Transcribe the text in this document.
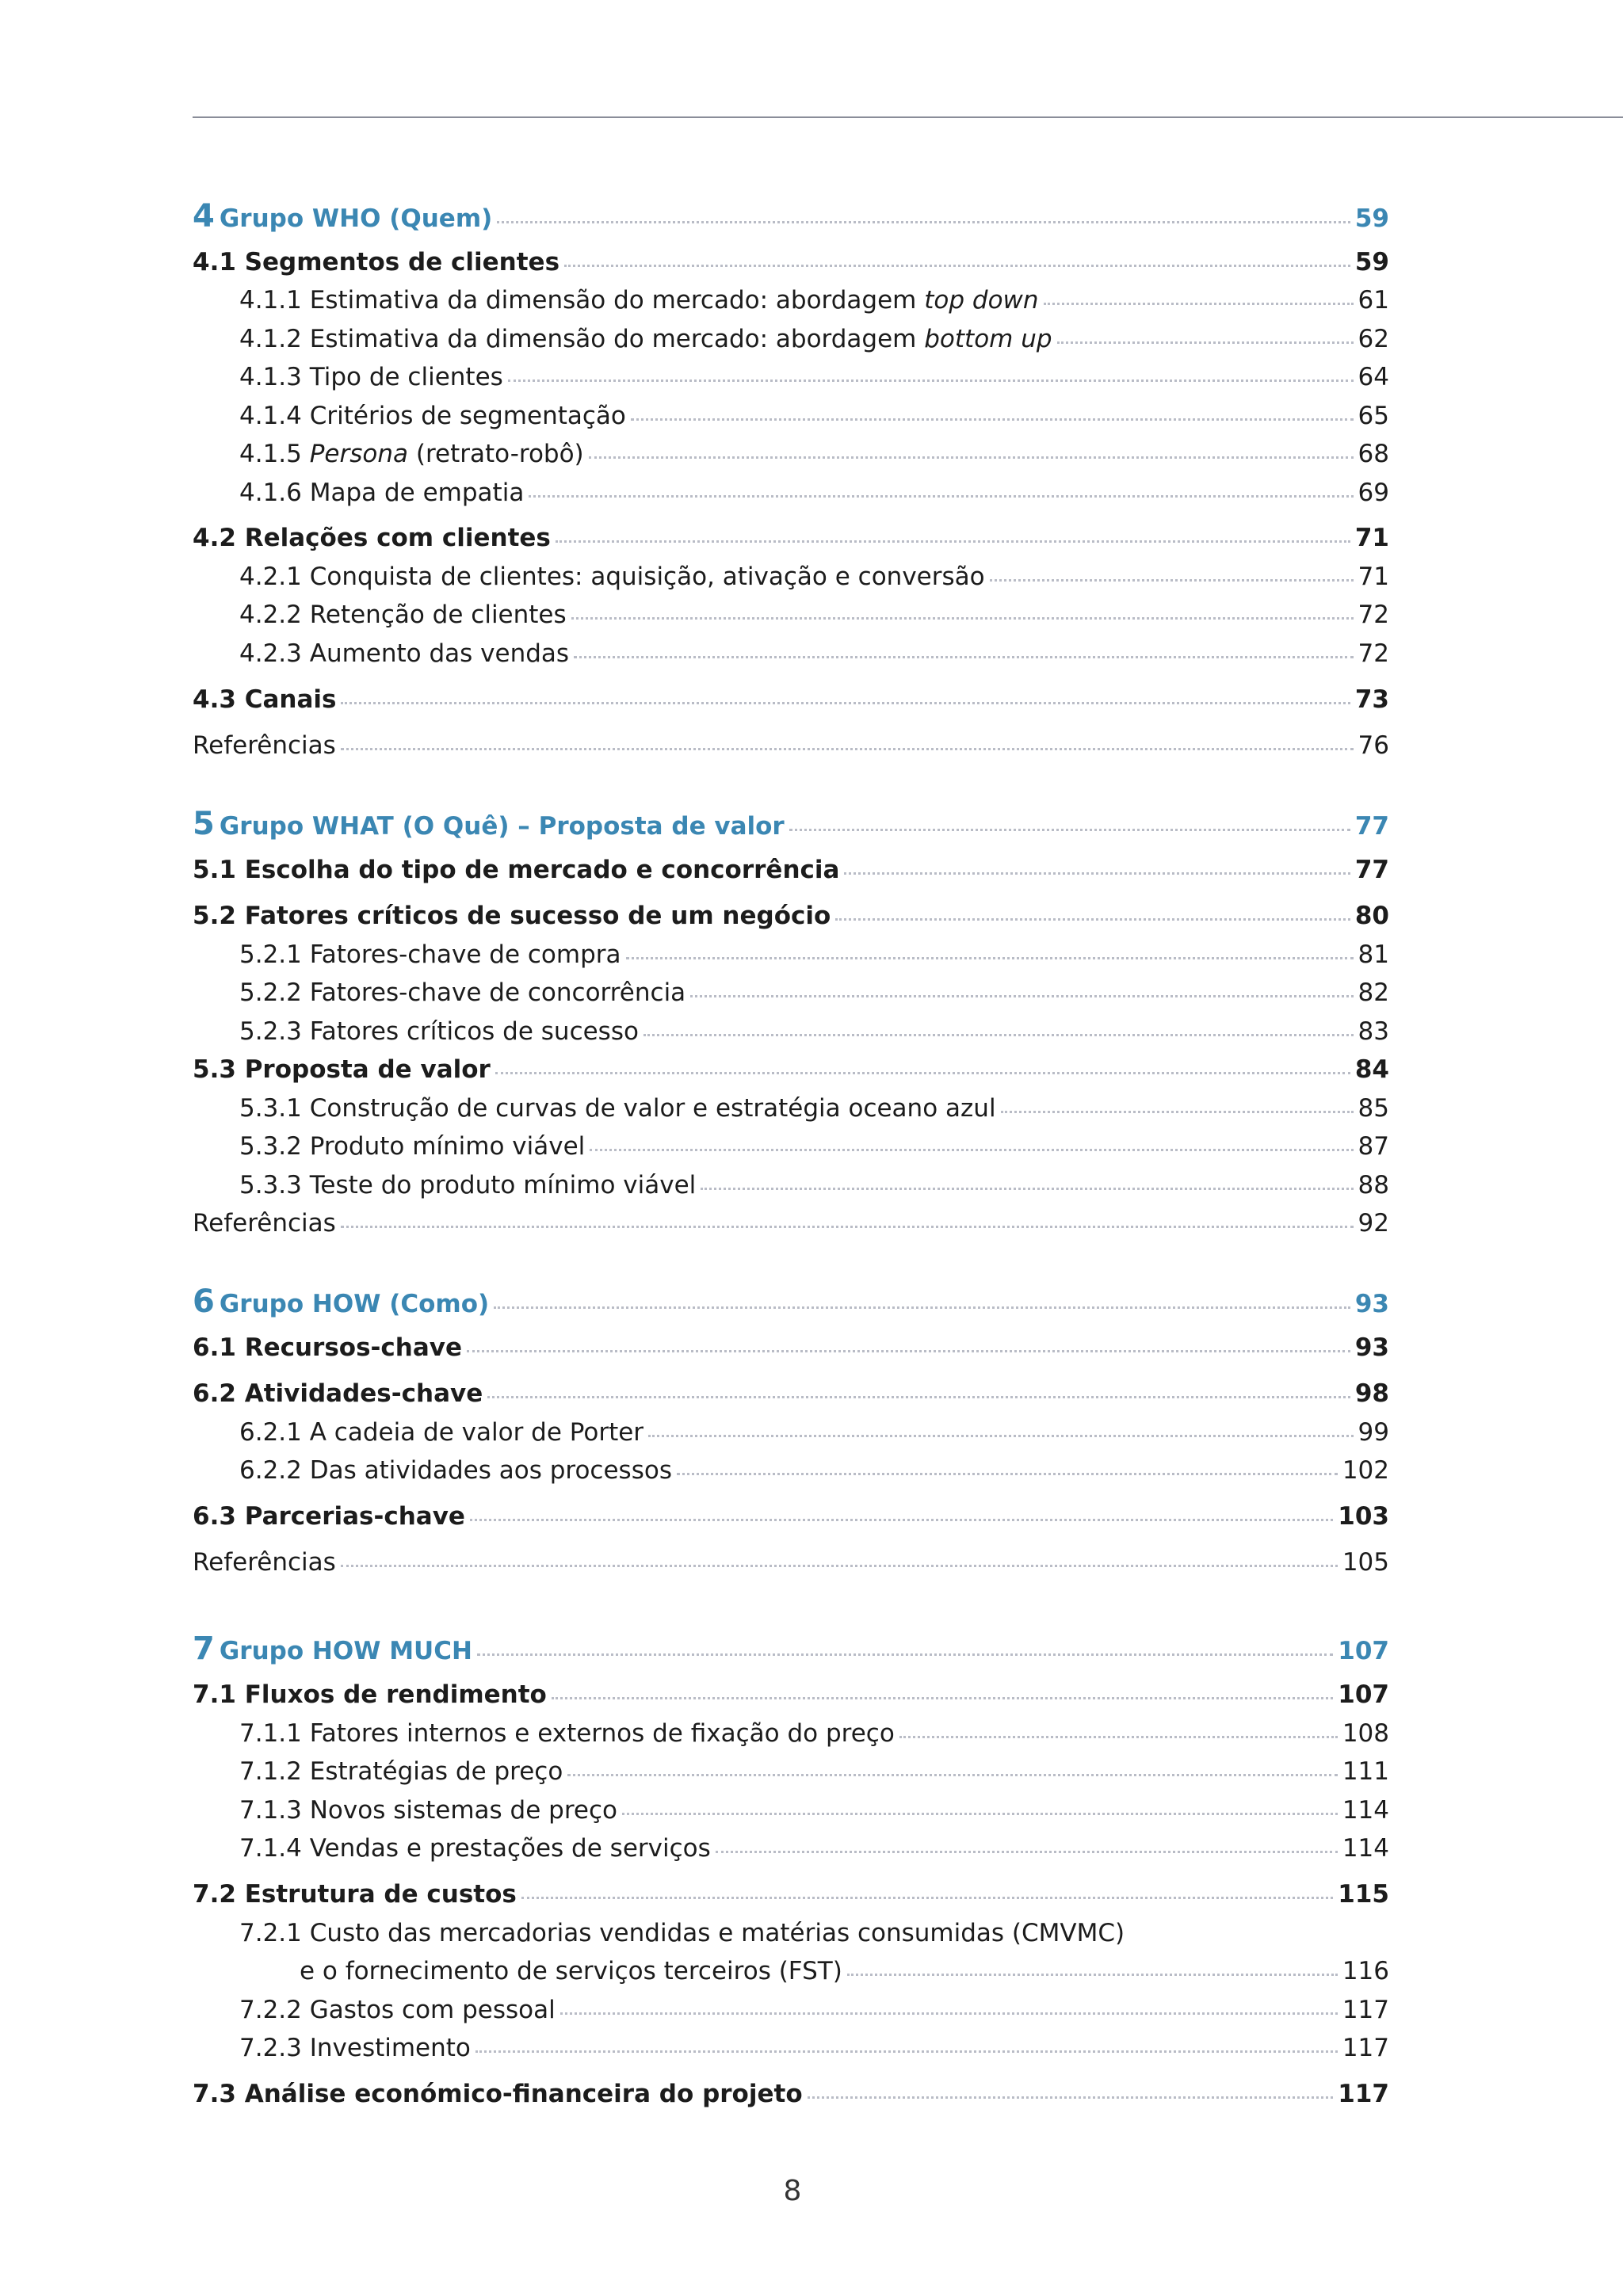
4 Grupo WHO (Quem)	59
4.1 Segmentos de clientes	59
4.1.1 Estimativa da dimensão do mercado: abordagem top down	61
4.1.2 Estimativa da dimensão do mercado: abordagem bottom up	62
4.1.3 Tipo de clientes	64
4.1.4 Critérios de segmentação	65
4.1.5 Persona (retrato-robô)	68
4.1.6 Mapa de empatia	69
4.2 Relações com clientes	71
4.2.1 Conquista de clientes: aquisição, ativação e conversão	71
4.2.2 Retenção de clientes	72
4.2.3 Aumento das vendas	72
4.3 Canais	73
Referências	76
5 Grupo WHAT (O Quê) – Proposta de valor	77
5.1 Escolha do tipo de mercado e concorrência	77
5.2 Fatores críticos de sucesso de um negócio	80
5.2.1 Fatores-chave de compra	81
5.2.2 Fatores-chave de concorrência	82
5.2.3 Fatores críticos de sucesso	83
5.3 Proposta de valor	84
5.3.1 Construção de curvas de valor e estratégia oceano azul	85
5.3.2 Produto mínimo viável	87
5.3.3 Teste do produto mínimo viável	88
Referências	92
6 Grupo HOW (Como)	93
6.1 Recursos-chave	93
6.2 Atividades-chave	98
6.2.1 A cadeia de valor de Porter	99
6.2.2 Das atividades aos processos	102
6.3 Parcerias-chave	103
Referências	105
7 Grupo HOW MUCH	107
7.1 Fluxos de rendimento	107
7.1.1 Fatores internos e externos de fixação do preço	108
7.1.2 Estratégias de preço	111
7.1.3 Novos sistemas de preço	114
7.1.4 Vendas e prestações de serviços	114
7.2 Estrutura de custos	115
7.2.1 Custo das mercadorias vendidas e matérias consumidas (CMVMC)
e o fornecimento de serviços terceiros (FST)	116
7.2.2 Gastos com pessoal	117
7.2.3 Investimento	117
7.3 Análise económico-financeira do projeto	117
8
